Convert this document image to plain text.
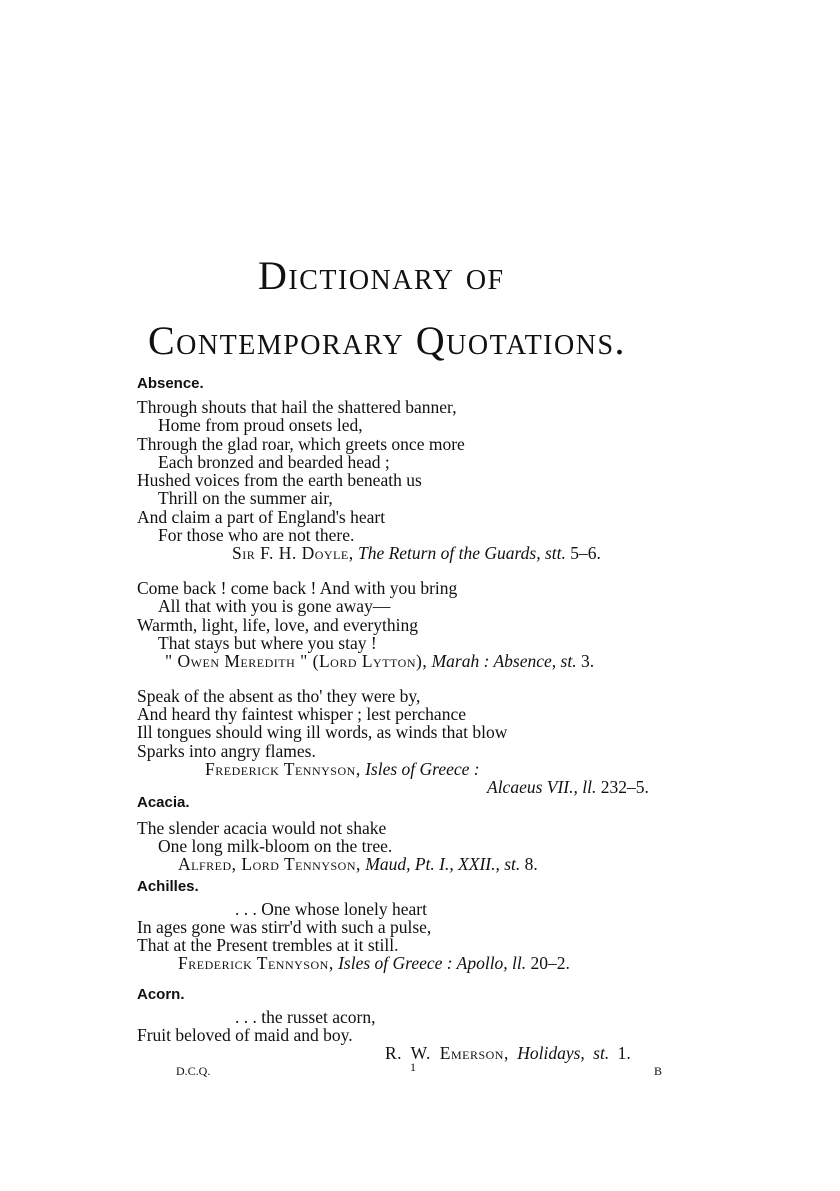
Dictionary of
Contemporary Quotations.
Absence.
Through shouts that hail the shattered banner,
Home from proud onsets led,
Through the glad roar, which greets once more
Each bronzed and bearded head ;
Hushed voices from the earth beneath us
Thrill on the summer air,
And claim a part of England's heart
For those who are not there.
Sir F. H. Doyle, The Return of the Guards, stt. 5–6.
Come back ! come back ! And with you bring
All that with you is gone away—
Warmth, light, life, love, and everything
That stays but where you stay !
" Owen Meredith " (Lord Lytton), Marah : Absence, st. 3.
Speak of the absent as tho' they were by,
And heard thy faintest whisper ; lest perchance
Ill tongues should wing ill words, as winds that blow
Sparks into angry flames.
Frederick Tennyson, Isles of Greece :
Alcaeus VII., ll. 232–5.
Acacia.
The slender acacia would not shake
One long milk-bloom on the tree.
Alfred, Lord Tennyson, Maud, Pt. I., XXII., st. 8.
Achilles.
. . . One whose lonely heart
In ages gone was stirr'd with such a pulse,
That at the Present trembles at it still.
Frederick Tennyson, Isles of Greece : Apollo, ll. 20–2.
Acorn.
. . . the russet acorn,
Fruit beloved of maid and boy.
R. W. Emerson, Holidays, st. 1.
D.C.Q.	1	B
